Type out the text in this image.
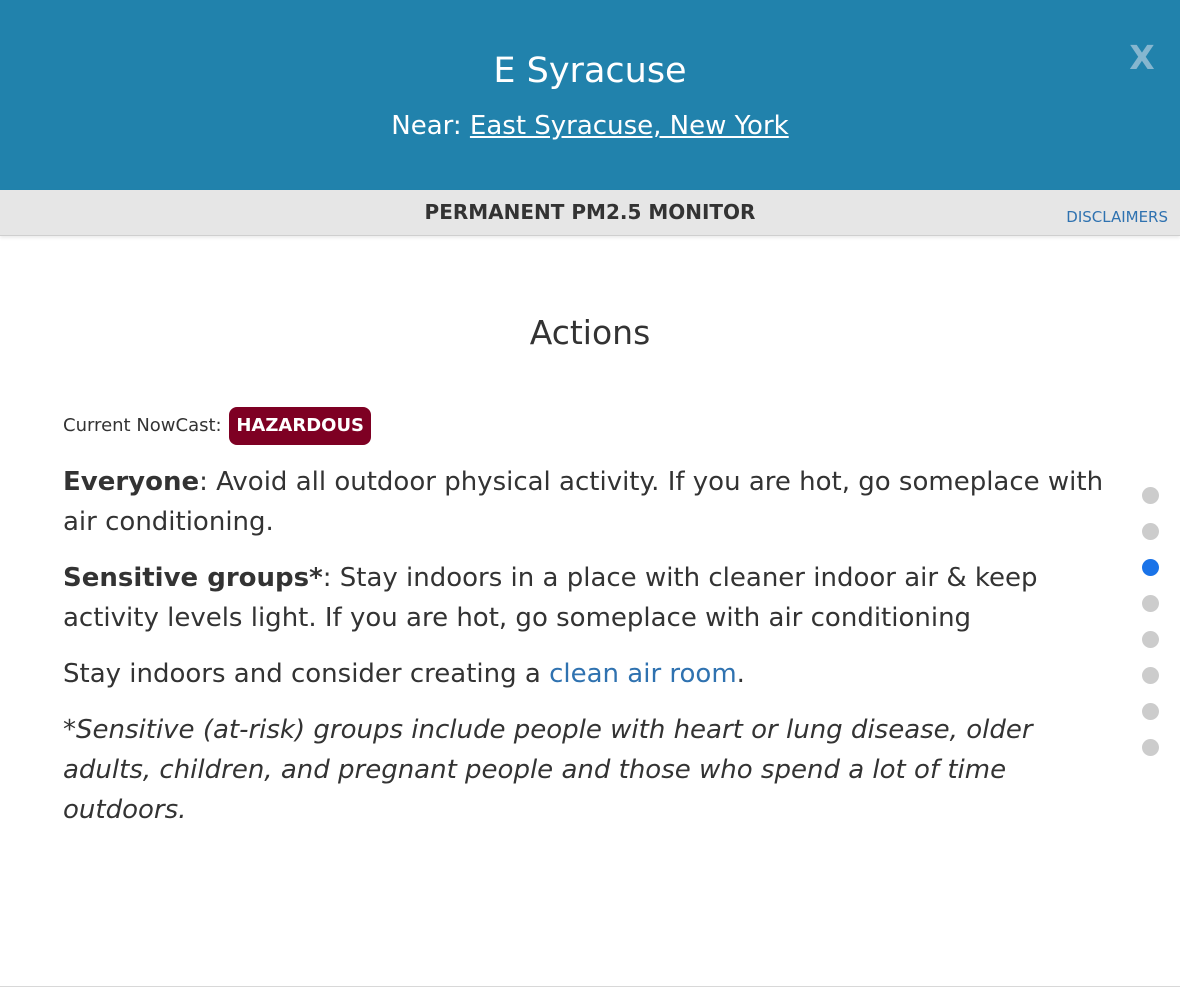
E Syracuse
Near: East Syracuse, New York
X
PERMANENT PM2.5 MONITOR	DISCLAIMERS
Actions
Current NowCast: HAZARDOUS

Everyone: Avoid all outdoor physical activity. If you are hot, go someplace with air conditioning.

Sensitive groups*: Stay indoors in a place with cleaner indoor air & keep activity levels light. If you are hot, go someplace with air conditioning

Stay indoors and consider creating a clean air room.

*Sensitive (at-risk) groups include people with heart or lung disease, older adults, children, and pregnant people and those who spend a lot of time outdoors.
